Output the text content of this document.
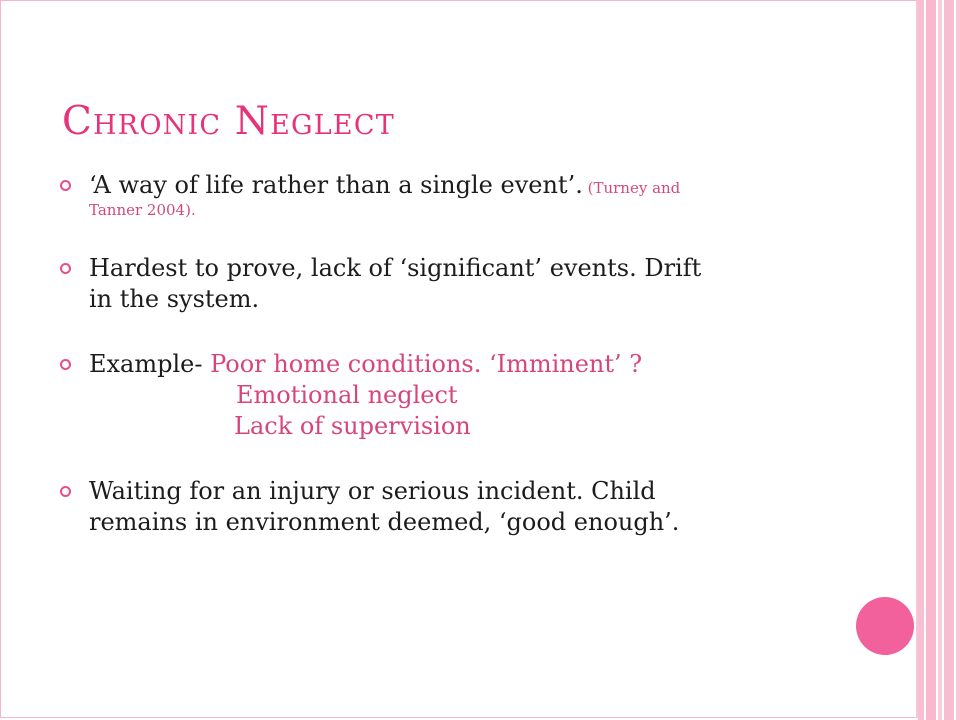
Chronic Neglect
‘A way of life rather than a single event’. (Turney and
Tanner 2004).
Hardest to prove, lack of ‘significant’ events. Drift
in the system.
Example- Poor home conditions. ‘Imminent’ ?
Emotional neglect
Lack of supervision
Waiting for an injury or serious incident. Child
remains in environment deemed, ‘good enough’.
